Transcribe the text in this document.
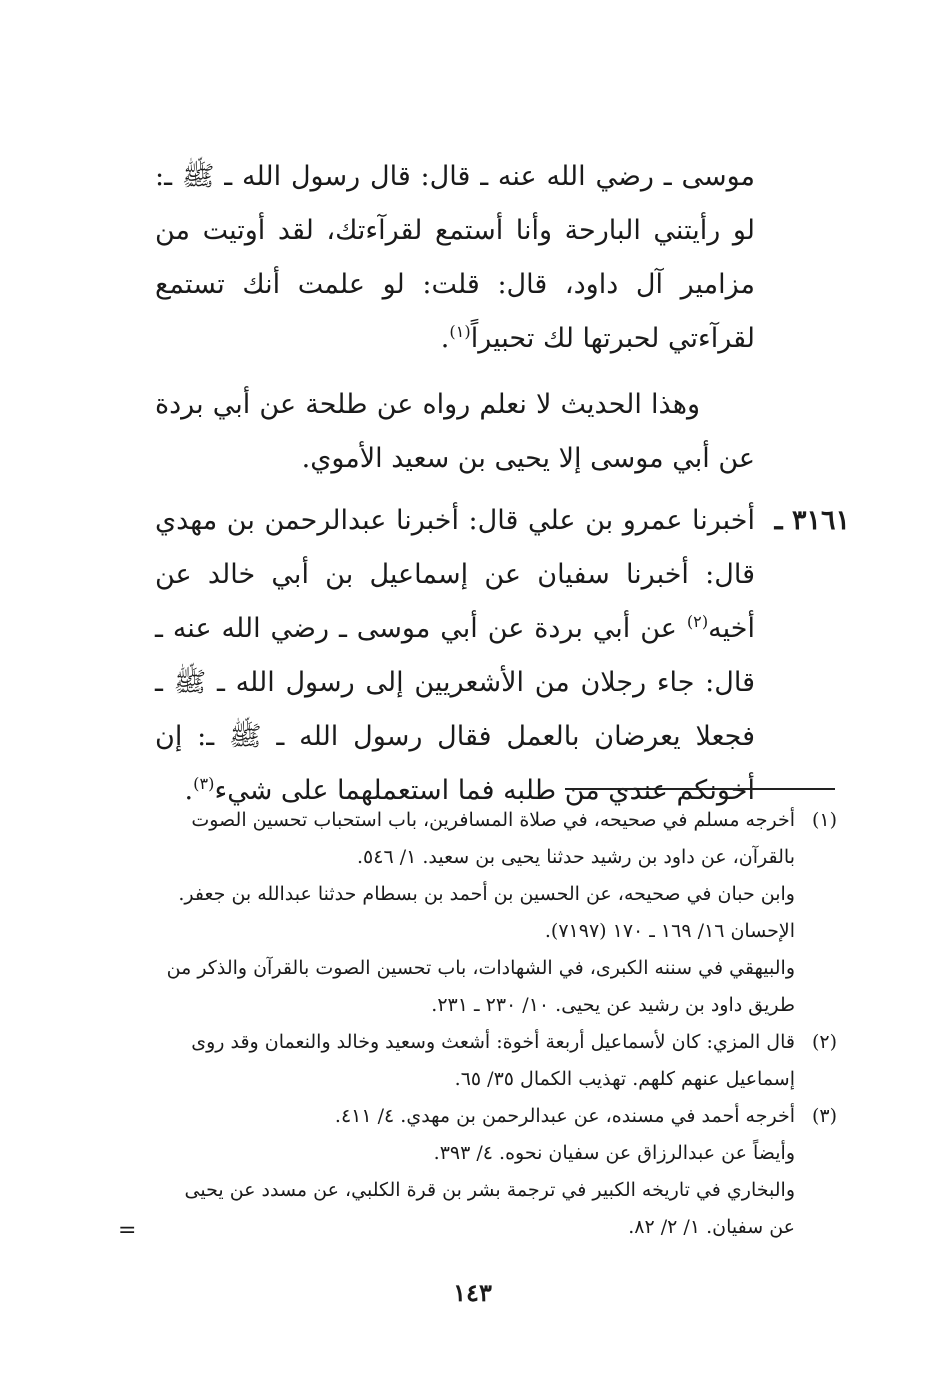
موسى ـ رضي الله عنه ـ قال: قال رسول الله ـ ﷺ ـ: لو رأيتني البارحة وأنا أستمع لقرآءتك، لقد أوتيت من مزامير آل داود، قال: قلت: لو علمت أنك تستمع لقرآءتي لحبرتها لك تحبيراً$^{(١)}$.

وهذا الحديث لا نعلم رواه عن طلحة عن أبي بردة عن أبي موسى إلا يحيى بن سعيد الأموي.

٣١٦١ ـ

أخبرنا عمرو بن علي قال: أخبرنا عبدالرحمن بن مهدي قال: أخبرنا سفيان عن إسماعيل بن أبي خالد عن أخيه$^{(٢)}$ عن أبي بردة عن أبي موسى ـ رضي الله عنه ـ قال: جاء رجلان من الأشعريين إلى رسول الله ـ ﷺ ـ فجعلا يعرضان بالعمل فقال رسول الله ـ ﷺ ـ: إن أخونكم عندي من طلبه فما استعملهما على شيء$^{(٣)}$.

(١)
أخرجه مسلم في صحيحه، في صلاة المسافرين، باب استحباب تحسين الصوت
بالقرآن، عن داود بن رشيد حدثنا يحيى بن سعيد. ١/ ٥٤٦.
وابن حبان في صحيحه، عن الحسين بن أحمد بن بسطام حدثنا عبدالله بن جعفر.
الإحسان ١٦/ ١٦٩ ـ ١٧٠ (٧١٩٧).
والبيهقي في سننه الكبرى، في الشهادات، باب تحسين الصوت بالقرآن والذكر من
طريق داود بن رشيد عن يحيى. ١٠/ ٢٣٠ ـ ٢٣١.
(٢)
قال المزي: كان لأسماعيل أربعة أخوة: أشعث وسعيد وخالد والنعمان وقد روى
إسماعيل عنهم كلهم. تهذيب الكمال ٣٥/ ٦٥.
(٣)
أخرجه أحمد في مسنده، عن عبدالرحمن بن مهدي. ٤/ ٤١١.
وأيضاً عن عبدالرزاق عن سفيان نحوه. ٤/ ٣٩٣.
والبخاري في تاريخه الكبير في ترجمة بشر بن قرة الكلبي، عن مسدد عن يحيى
عن سفيان. ١/ ٢/ ٨٢.
=
١٤٣
